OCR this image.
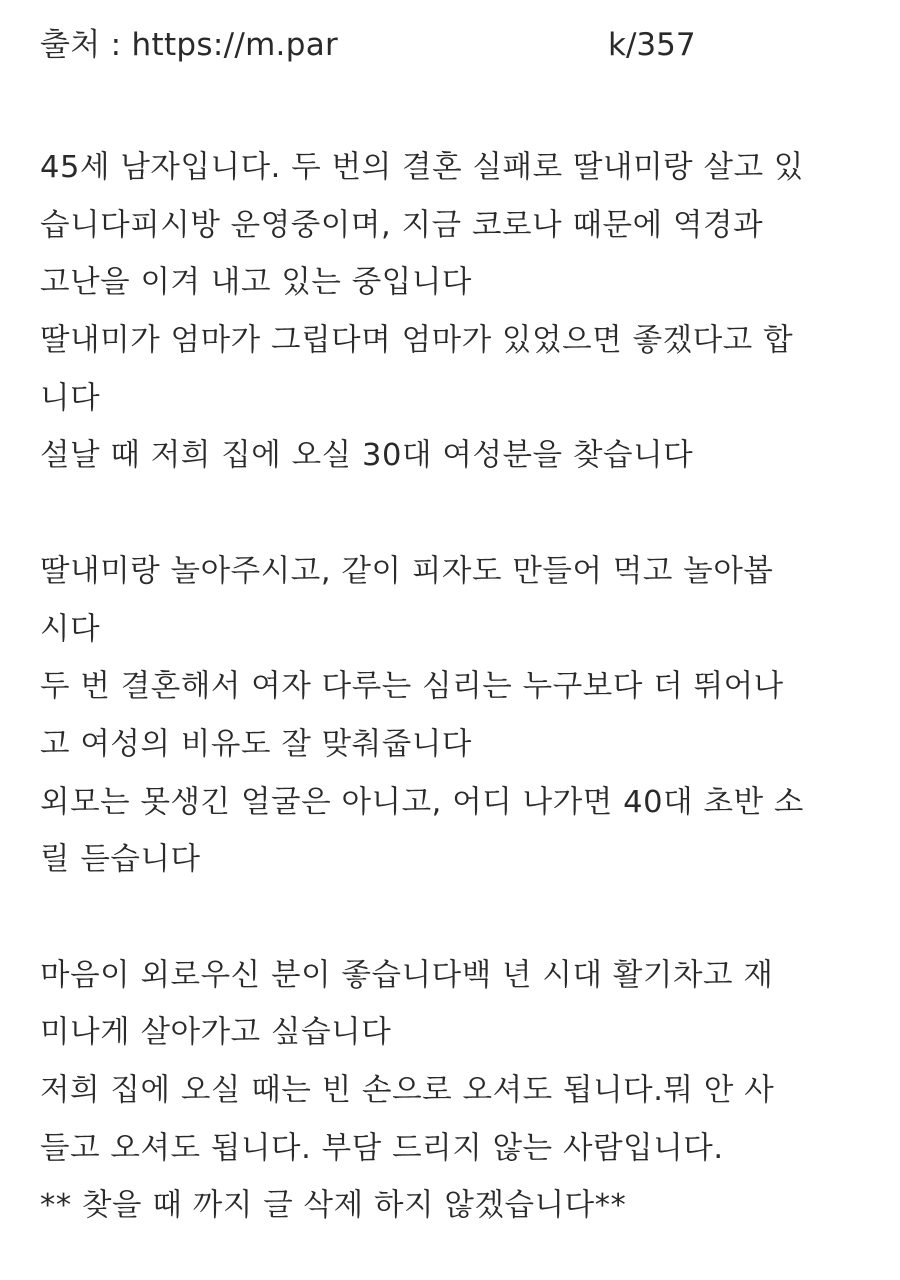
출처 : https://m.par	k/357
45세 남자입니다. 두 번의 결혼 실패로 딸내미랑 살고 있
습니다피시방 운영중이며, 지금 코로나 때문에 역경과
고난을 이겨 내고 있는 중입니다
딸내미가 엄마가 그립다며 엄마가 있었으면 좋겠다고 합
니다
설날 때 저희 집에 오실 30대 여성분을 찾습니다
딸내미랑 놀아주시고, 같이 피자도 만들어 먹고 놀아봅
시다
두 번 결혼해서 여자 다루는 심리는 누구보다 더 뛰어나
고 여성의 비유도 잘 맞춰줍니다
외모는 못생긴 얼굴은 아니고, 어디 나가면 40대 초반 소
릴 듣습니다
마음이 외로우신 분이 좋습니다백 년 시대 활기차고 재
미나게 살아가고 싶습니다
저희 집에 오실 때는 빈 손으로 오셔도 됩니다.뭐 안 사
들고 오셔도 됩니다. 부담 드리지 않는 사람입니다.
** 찾을 때 까지 글 삭제 하지 않겠습니다**
